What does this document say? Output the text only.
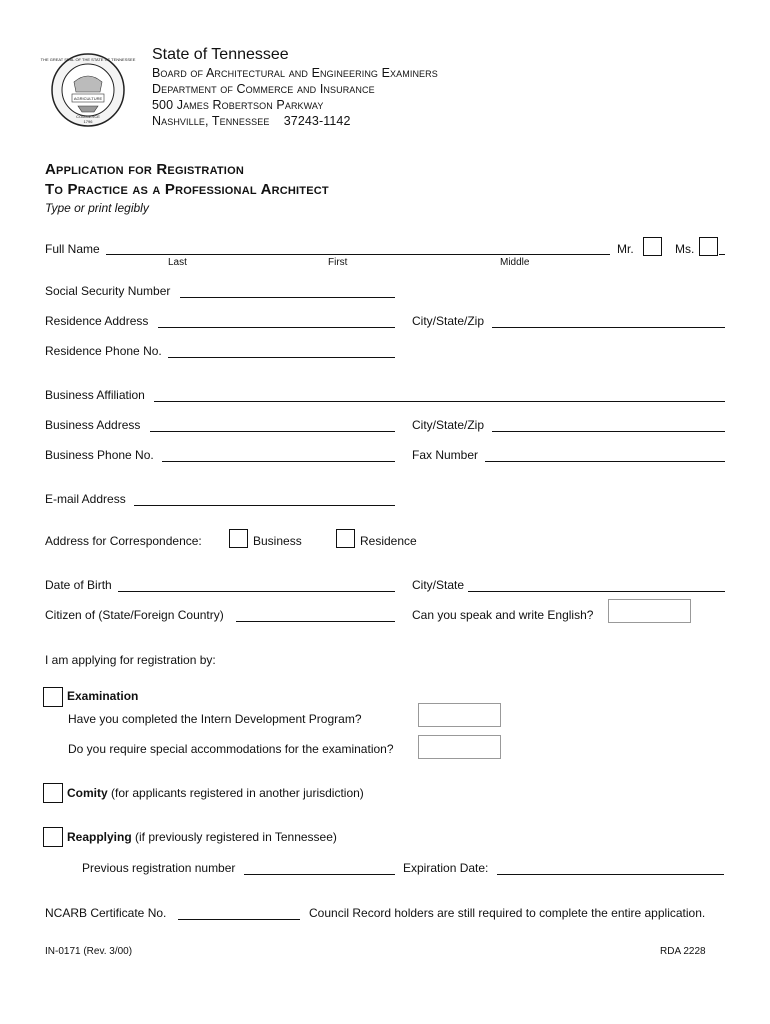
THE GREAT SEAL OF THE STATE OF TENNESSEE
AGRICULTURE
COMMERCE
1796
State of Tennessee
Board of Architectural and Engineering Examiners
Department of Commerce and Insurance
500 James Robertson Parkway
Nashville, Tennessee    37243-1142
Application for Registration
To Practice as a Professional Architect
Type or print legibly
Full Name	Mr.	Ms.
Last	First	Middle
Social Security Number
Residence Address	City/State/Zip
Residence Phone No.
Business Affiliation
Business Address	City/State/Zip
Business Phone No.	Fax Number
E-mail Address
Address for Correspondence:	Business	Residence
Date of Birth	City/State
Citizen of (State/Foreign Country)	Can you speak and write English?
I am applying for registration by:
Examination
Have you completed the Intern Development Program?
Do you require special accommodations for the examination?
Comity (for applicants registered in another jurisdiction)
Reapplying (if previously registered in Tennessee)
Previous registration number	Expiration Date:
NCARB Certificate No.	Council Record holders are still required to complete the entire application.
IN-0171 (Rev. 3/00)	RDA 2228
